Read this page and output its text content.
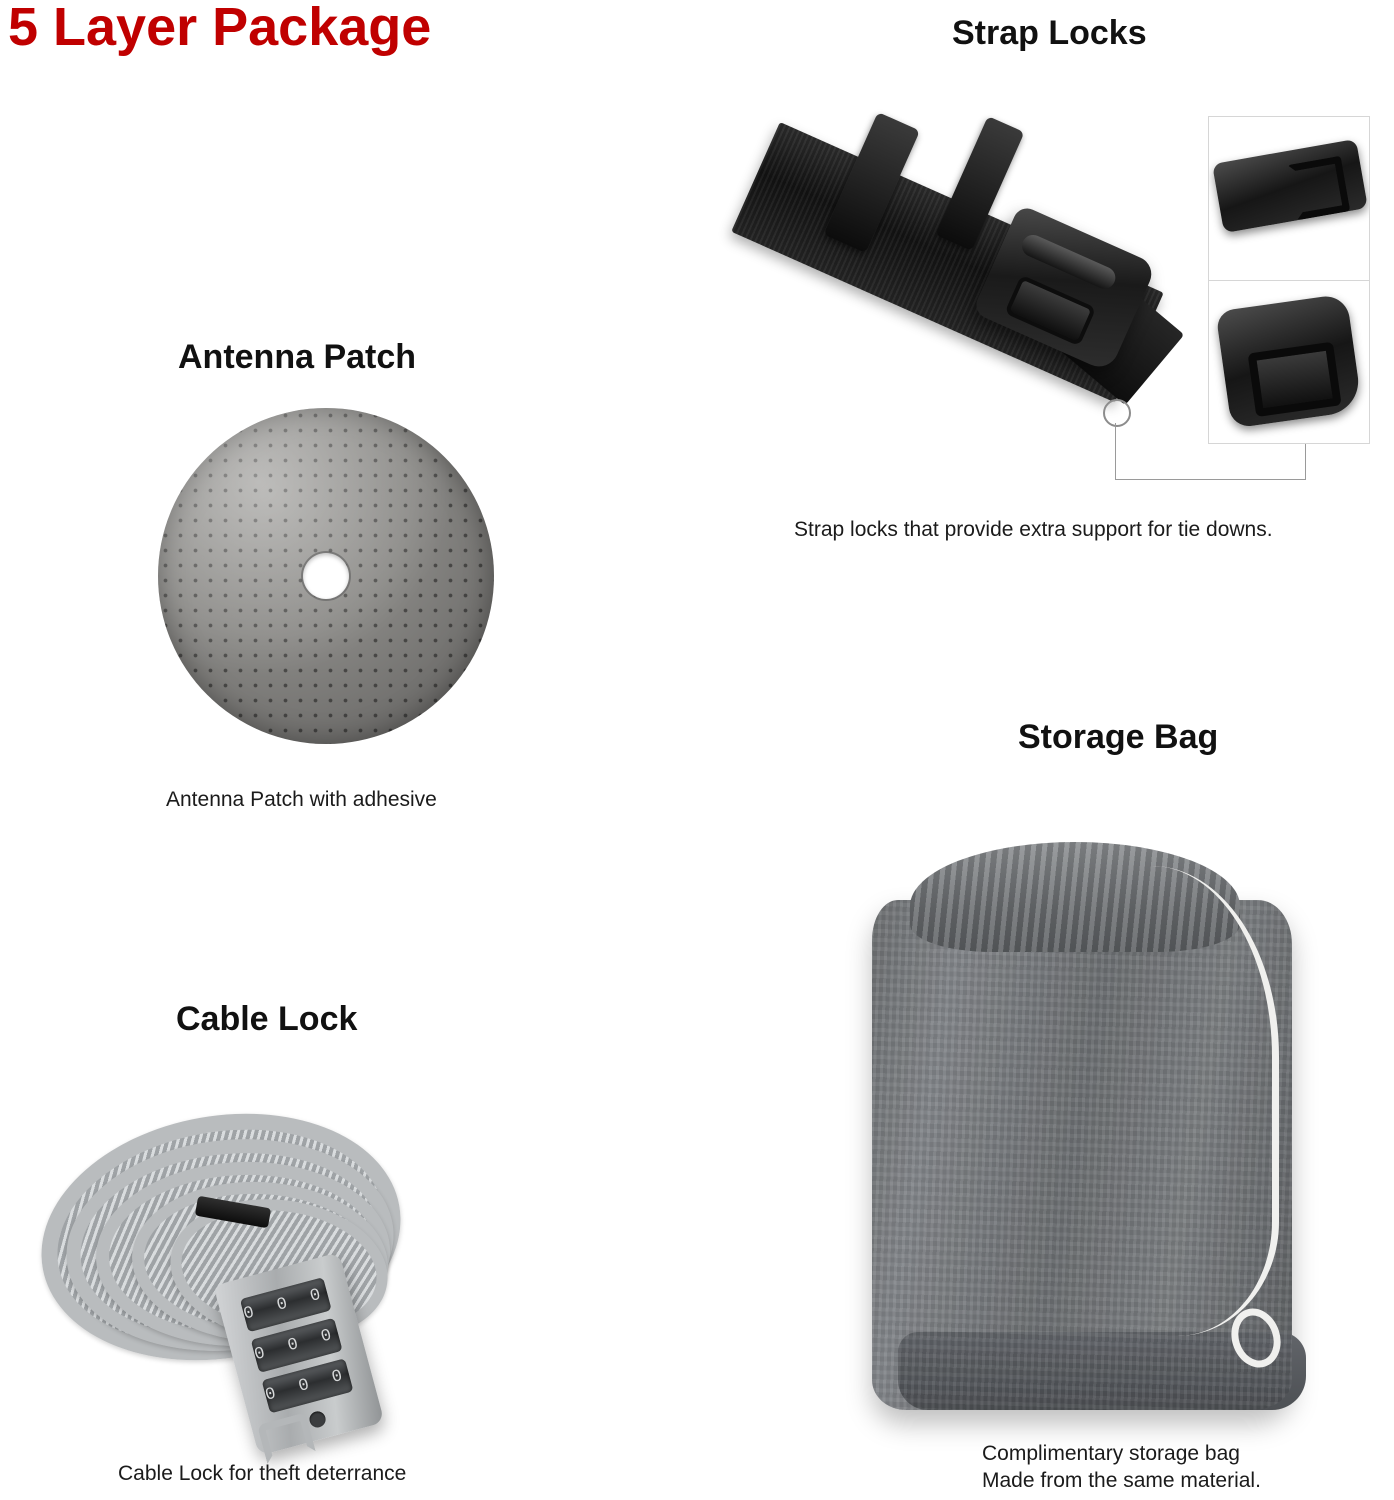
5 Layer Package
Antenna Patch
Antenna Patch with adhesive
Strap Locks
Strap locks that provide extra support for tie downs.
Storage Bag
Complimentary storage bag
Made from the same material.
Cable Lock
0 0 0
0 0 0
0 0 0
Cable Lock for theft deterrance
